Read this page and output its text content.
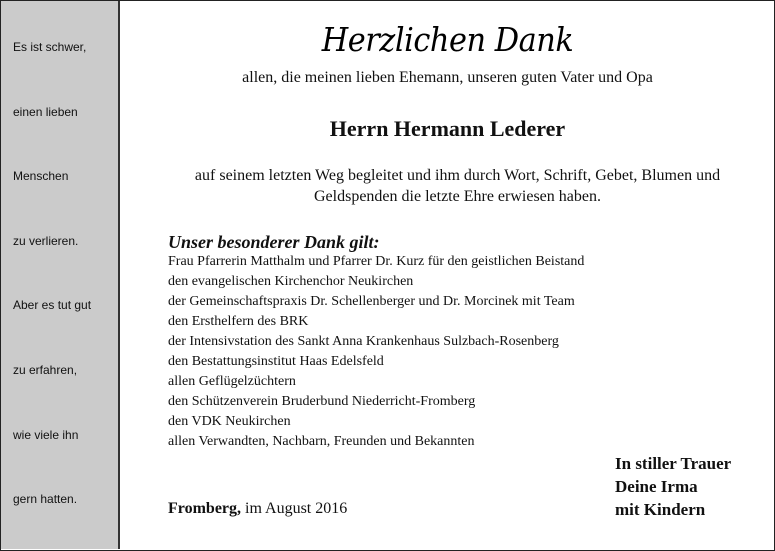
Es ist schwer,
einen lieben
Menschen
zu verlieren.
Aber es tut gut
zu erfahren,
wie viele ihn
gern hatten.
Herzlichen Dank
allen, die meinen lieben Ehemann, unseren guten Vater und Opa
Herrn Hermann Lederer
auf seinem letzten Weg begleitet und ihm durch Wort, Schrift, Gebet, Blumen und
Geldspenden die letzte Ehre erwiesen haben.
Unser besonderer Dank gilt:
Frau Pfarrerin Matthalm und Pfarrer Dr. Kurz für den geistlichen Beistand
den evangelischen Kirchenchor Neukirchen
der Gemeinschaftspraxis Dr. Schellenberger und Dr. Morcinek mit Team
den Ersthelfern des BRK
der Intensivstation des Sankt Anna Krankenhaus Sulzbach-Rosenberg
den Bestattungsinstitut Haas Edelsfeld
allen Geflügelzüchtern
den Schützenverein Bruderbund Niederricht-Fromberg
den VDK Neukirchen
allen Verwandten, Nachbarn, Freunden und Bekannten
Fromberg, im August 2016
In stiller Trauer
Deine Irma
mit Kindern
